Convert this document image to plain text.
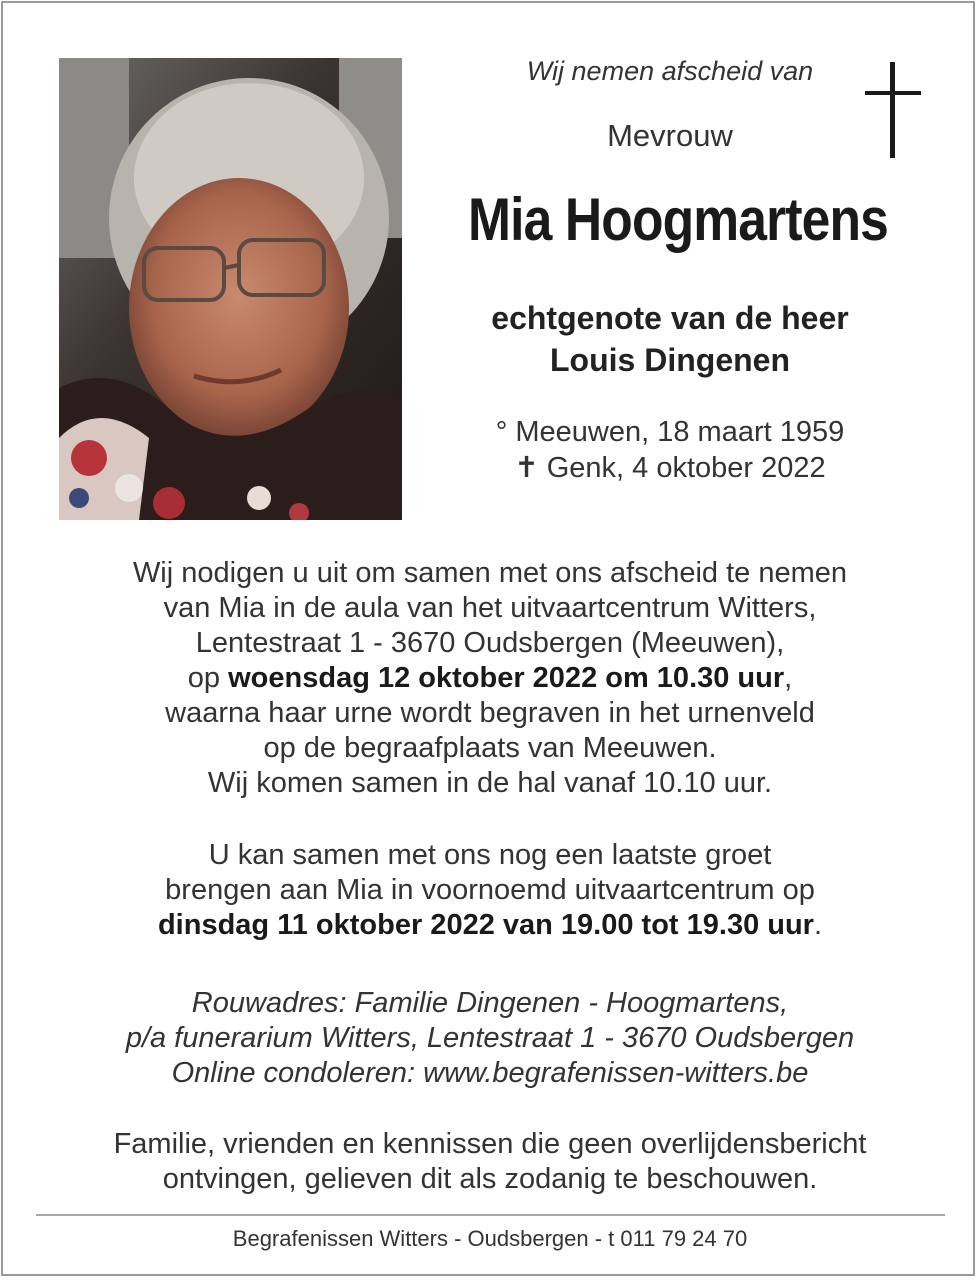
Wij nemen afscheid van
Mevrouw
Mia Hoogmartens
echtgenote van de heer
Louis Dingenen
° Meeuwen, 18 maart 1959
✝ Genk, 4 oktober 2022
Wij nodigen u uit om samen met ons afscheid te nemen
van Mia in de aula van het uitvaartcentrum Witters,
Lentestraat 1 - 3670 Oudsbergen (Meeuwen),
op woensdag 12 oktober 2022 om 10.30 uur,
waarna haar urne wordt begraven in het urnenveld
op de begraafplaats van Meeuwen.
Wij komen samen in de hal vanaf 10.10 uur.
U kan samen met ons nog een laatste groet
brengen aan Mia in voornoemd uitvaartcentrum op
dinsdag 11 oktober 2022 van 19.00 tot 19.30 uur.
Rouwadres: Familie Dingenen - Hoogmartens,
p/a funerarium Witters, Lentestraat 1 - 3670 Oudsbergen
Online condoleren: www.begrafenissen-witters.be
Familie, vrienden en kennissen die geen overlijdensbericht
ontvingen, gelieven dit als zodanig te beschouwen.
Begrafenissen Witters - Oudsbergen - t 011 79 24 70
